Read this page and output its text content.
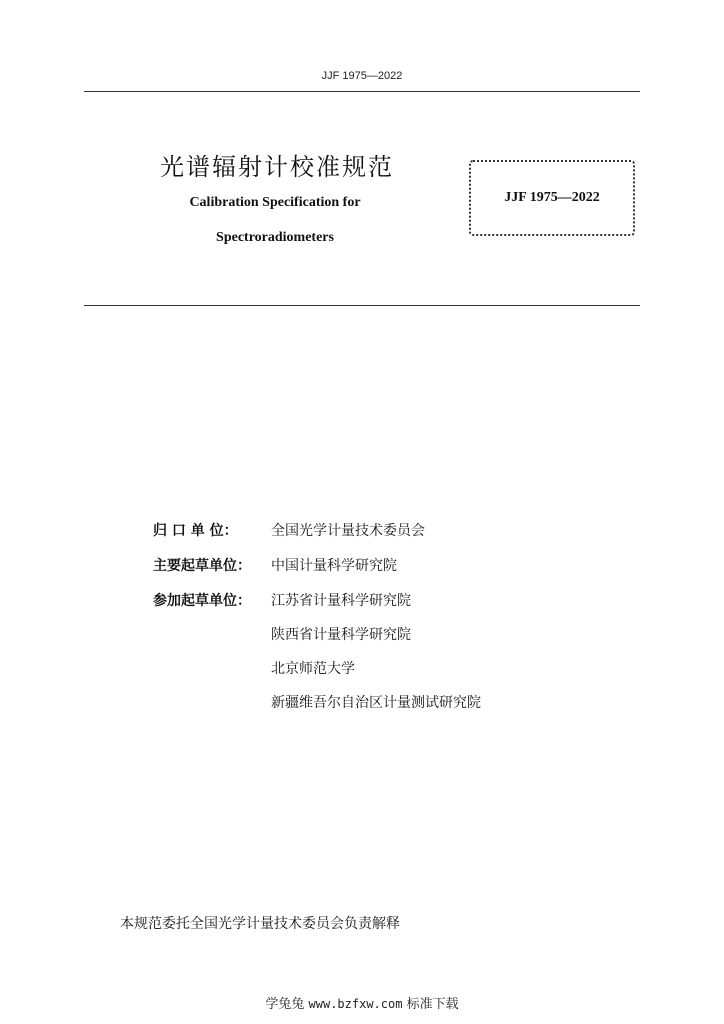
JJF 1975—2022
光谱辐射计校准规范
Calibration Specification for
Spectroradiometers
JJF 1975—2022
归 口 单 位： 全国光学计量技术委员会
主要起草单位： 中国计量科学研究院
参加起草单位： 江苏省计量科学研究院
陕西省计量科学研究院
北京师范大学
新疆维吾尔自治区计量测试研究院
本规范委托全国光学计量技术委员会负责解释
学兔兔 www.bzfxw.com 标准下载
